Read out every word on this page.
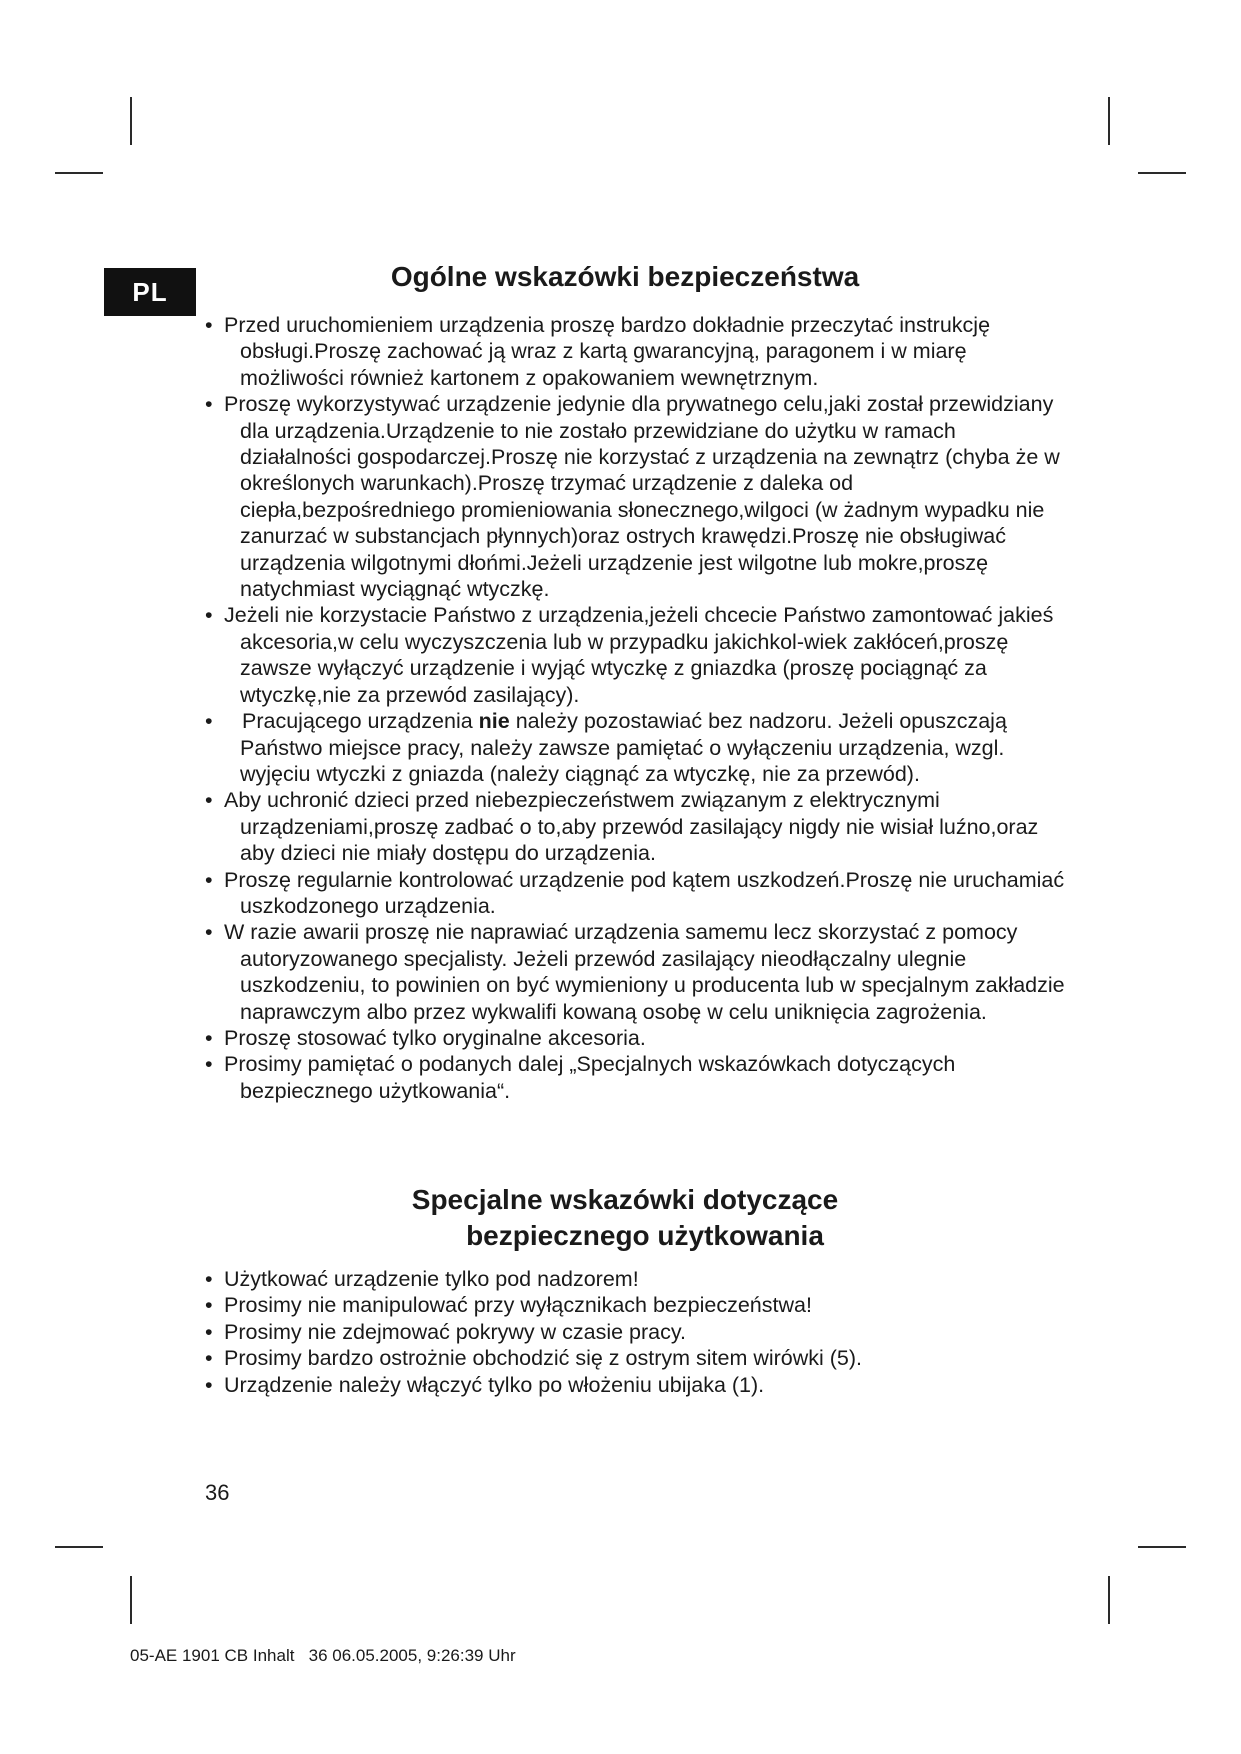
PL	Ogólne wskazówki bezpieczeństwa
• Przed uruchomieniem urządzenia proszę bardzo dokładnie przeczytać instrukcję obsługi.Proszę zachować ją wraz z kartą gwarancyjną, paragonem i w miarę możliwości również kartonem z opakowaniem wewnętrznym.
• Proszę wykorzystywać urządzenie jedynie dla prywatnego celu,jaki został przewidziany dla urządzenia.Urządzenie to nie zostało przewidziane do użytku w ramach działalności gospodarczej.Proszę nie korzystać z urządzenia na zewnątrz (chyba że w określonych warunkach).Proszę trzymać urządzenie z daleka od ciepła,bezpośredniego promieniowania słonecznego,wilgoci (w żadnym wypadku nie zanurzać w substancjach płynnych)oraz ostrych krawędzi.Proszę nie obsługiwać urządzenia wilgotnymi dłońmi.Jeżeli urządzenie jest wilgotne lub mokre,proszę natychmiast wyciągnąć wtyczkę.
• Jeżeli nie korzystacie Państwo z urządzenia,jeżeli chcecie Państwo zamontować jakieś akcesoria,w celu wyczyszczenia lub w przypadku jakichkol-wiek zakłóceń,proszę zawsze wyłączyć urządzenie i wyjąć wtyczkę z gniazdka (proszę pociągnąć za wtyczkę,nie za przewód zasilający).
• Pracującego urządzenia nie należy pozostawiać bez nadzoru. Jeżeli opuszczają Państwo miejsce pracy, należy zawsze pamiętać o wyłączeniu urządzenia, wzgl. wyjęciu wtyczki z gniazda (należy ciągnąć za wtyczkę, nie za przewód).
• Aby uchronić dzieci przed niebezpieczeństwem związanym z elektrycznymi urządzeniami,proszę zadbać o to,aby przewód zasilający nigdy nie wisiał luźno,oraz aby dzieci nie miały dostępu do urządzenia.
• Proszę regularnie kontrolować urządzenie pod kątem uszkodzeń.Proszę nie uruchamiać uszkodzonego urządzenia.
• W razie awarii proszę nie naprawiać urządzenia samemu lecz skorzystać z pomocy autoryzowanego specjalisty. Jeżeli przewód zasilający nieodłączalny ulegnie uszkodzeniu, to powinien on być wymieniony u producenta lub w specjalnym zakładzie naprawczym albo przez wykwalifi kowaną osobę w celu uniknięcia zagrożenia.
• Proszę stosować tylko oryginalne akcesoria.
• Prosimy pamiętać o podanych dalej „Specjalnych wskazówkach dotyczących bezpiecznego użytkowania“.
Specjalne wskazówki dotyczące
bezpiecznego użytkowania
• Użytkować urządzenie tylko pod nadzorem!
• Prosimy nie manipulować przy wyłącznikach bezpieczeństwa!
• Prosimy nie zdejmować pokrywy w czasie pracy.
• Prosimy bardzo ostrożnie obchodzić się z ostrym sitem wirówki (5).
• Urządzenie należy włączyć tylko po włożeniu ubijaka (1).
36
05-AE 1901 CB Inhalt   36 06.05.2005, 9:26:39 Uhr
